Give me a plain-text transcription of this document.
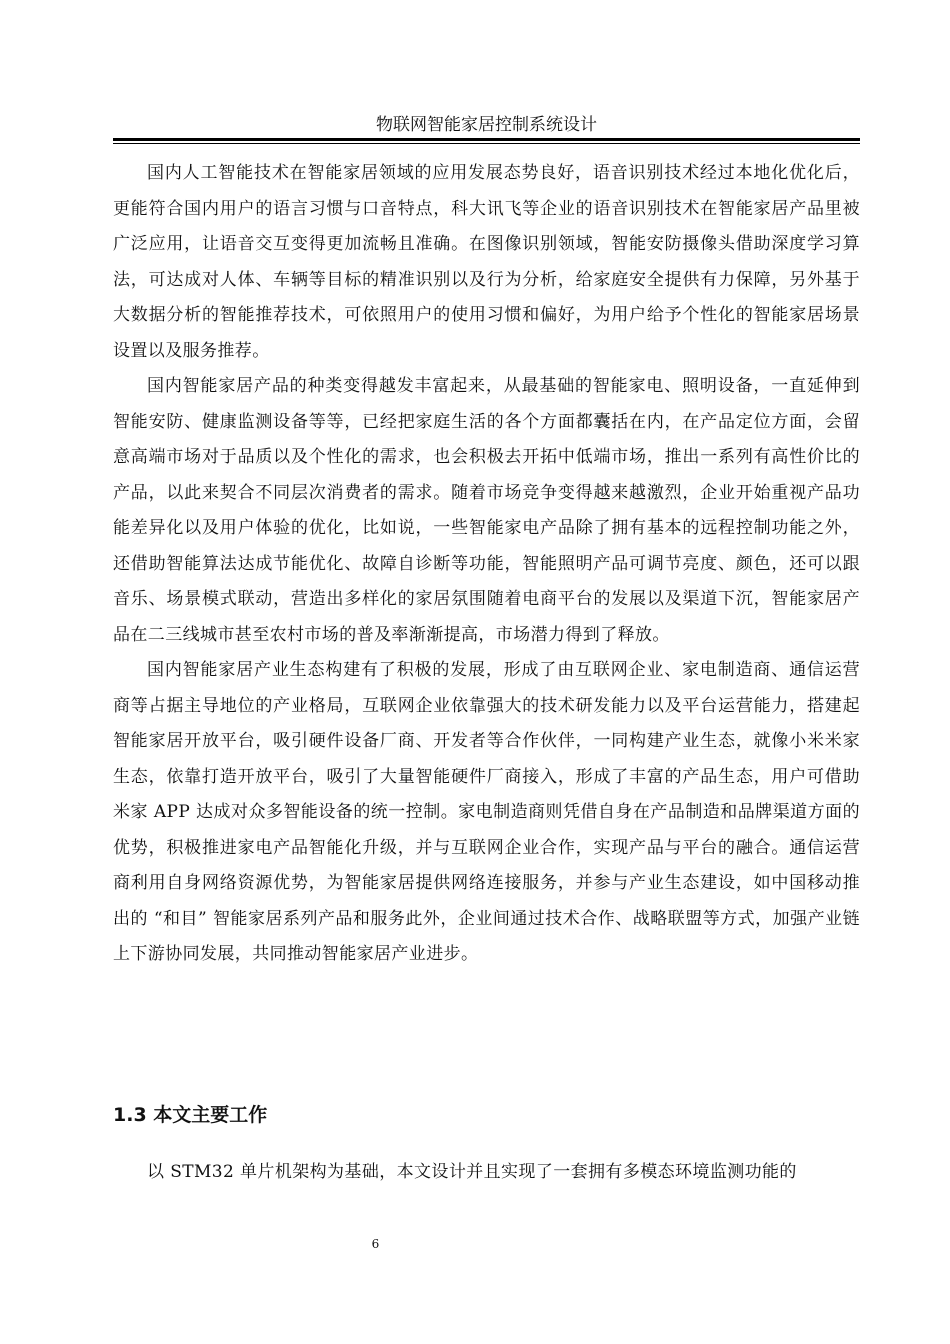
物联网智能家居控制系统设计

国内人工智能技术在智能家居领域的应用发展态势良好，语音识别技术经过本地化优化后，更能符合国内用户的语言习惯与口音特点，科大讯飞等企业的语音识别技术在智能家居产品里被广泛应用，让语音交互变得更加流畅且准确。在图像识别领域，智能安防摄像头借助深度学习算法，可达成对人体、车辆等目标的精准识别以及行为分析，给家庭安全提供有力保障，另外基于大数据分析的智能推荐技术，可依照用户的使用习惯和偏好，为用户给予个性化的智能家居场景设置以及服务推荐。

国内智能家居产品的种类变得越发丰富起来，从最基础的智能家电、照明设备，一直延伸到智能安防、健康监测设备等等，已经把家庭生活的各个方面都囊括在内，在产品定位方面，会留意高端市场对于品质以及个性化的需求，也会积极去开拓中低端市场，推出一系列有高性价比的产品，以此来契合不同层次消费者的需求。随着市场竞争变得越来越激烈，企业开始重视产品功能差异化以及用户体验的优化，比如说，一些智能家电产品除了拥有基本的远程控制功能之外，还借助智能算法达成节能优化、故障自诊断等功能，智能照明产品可调节亮度、颜色，还可以跟音乐、场景模式联动，营造出多样化的家居氛围随着电商平台的发展以及渠道下沉，智能家居产品在二三线城市甚至农村市场的普及率渐渐提高，市场潜力得到了释放。

国内智能家居产业生态构建有了积极的发展，形成了由互联网企业、家电制造商、通信运营商等占据主导地位的产业格局，互联网企业依靠强大的技术研发能力以及平台运营能力，搭建起智能家居开放平台，吸引硬件设备厂商、开发者等合作伙伴，一同构建产业生态，就像小米米家生态，依靠打造开放平台，吸引了大量智能硬件厂商接入，形成了丰富的产品生态，用户可借助米家 APP 达成对众多智能设备的统一控制。家电制造商则凭借自身在产品制造和品牌渠道方面的优势，积极推进家电产品智能化升级，并与互联网企业合作，实现产品与平台的融合。通信运营商利用自身网络资源优势，为智能家居提供网络连接服务，并参与产业生态建设，如中国移动推出的 “和目” 智能家居系列产品和服务此外，企业间通过技术合作、战略联盟等方式，加强产业链上下游协同发展，共同推动智能家居产业进步。

1.3 本文主要工作

以 STM32 单片机架构为基础，本文设计并且实现了一套拥有多模态环境监测功能的

6
